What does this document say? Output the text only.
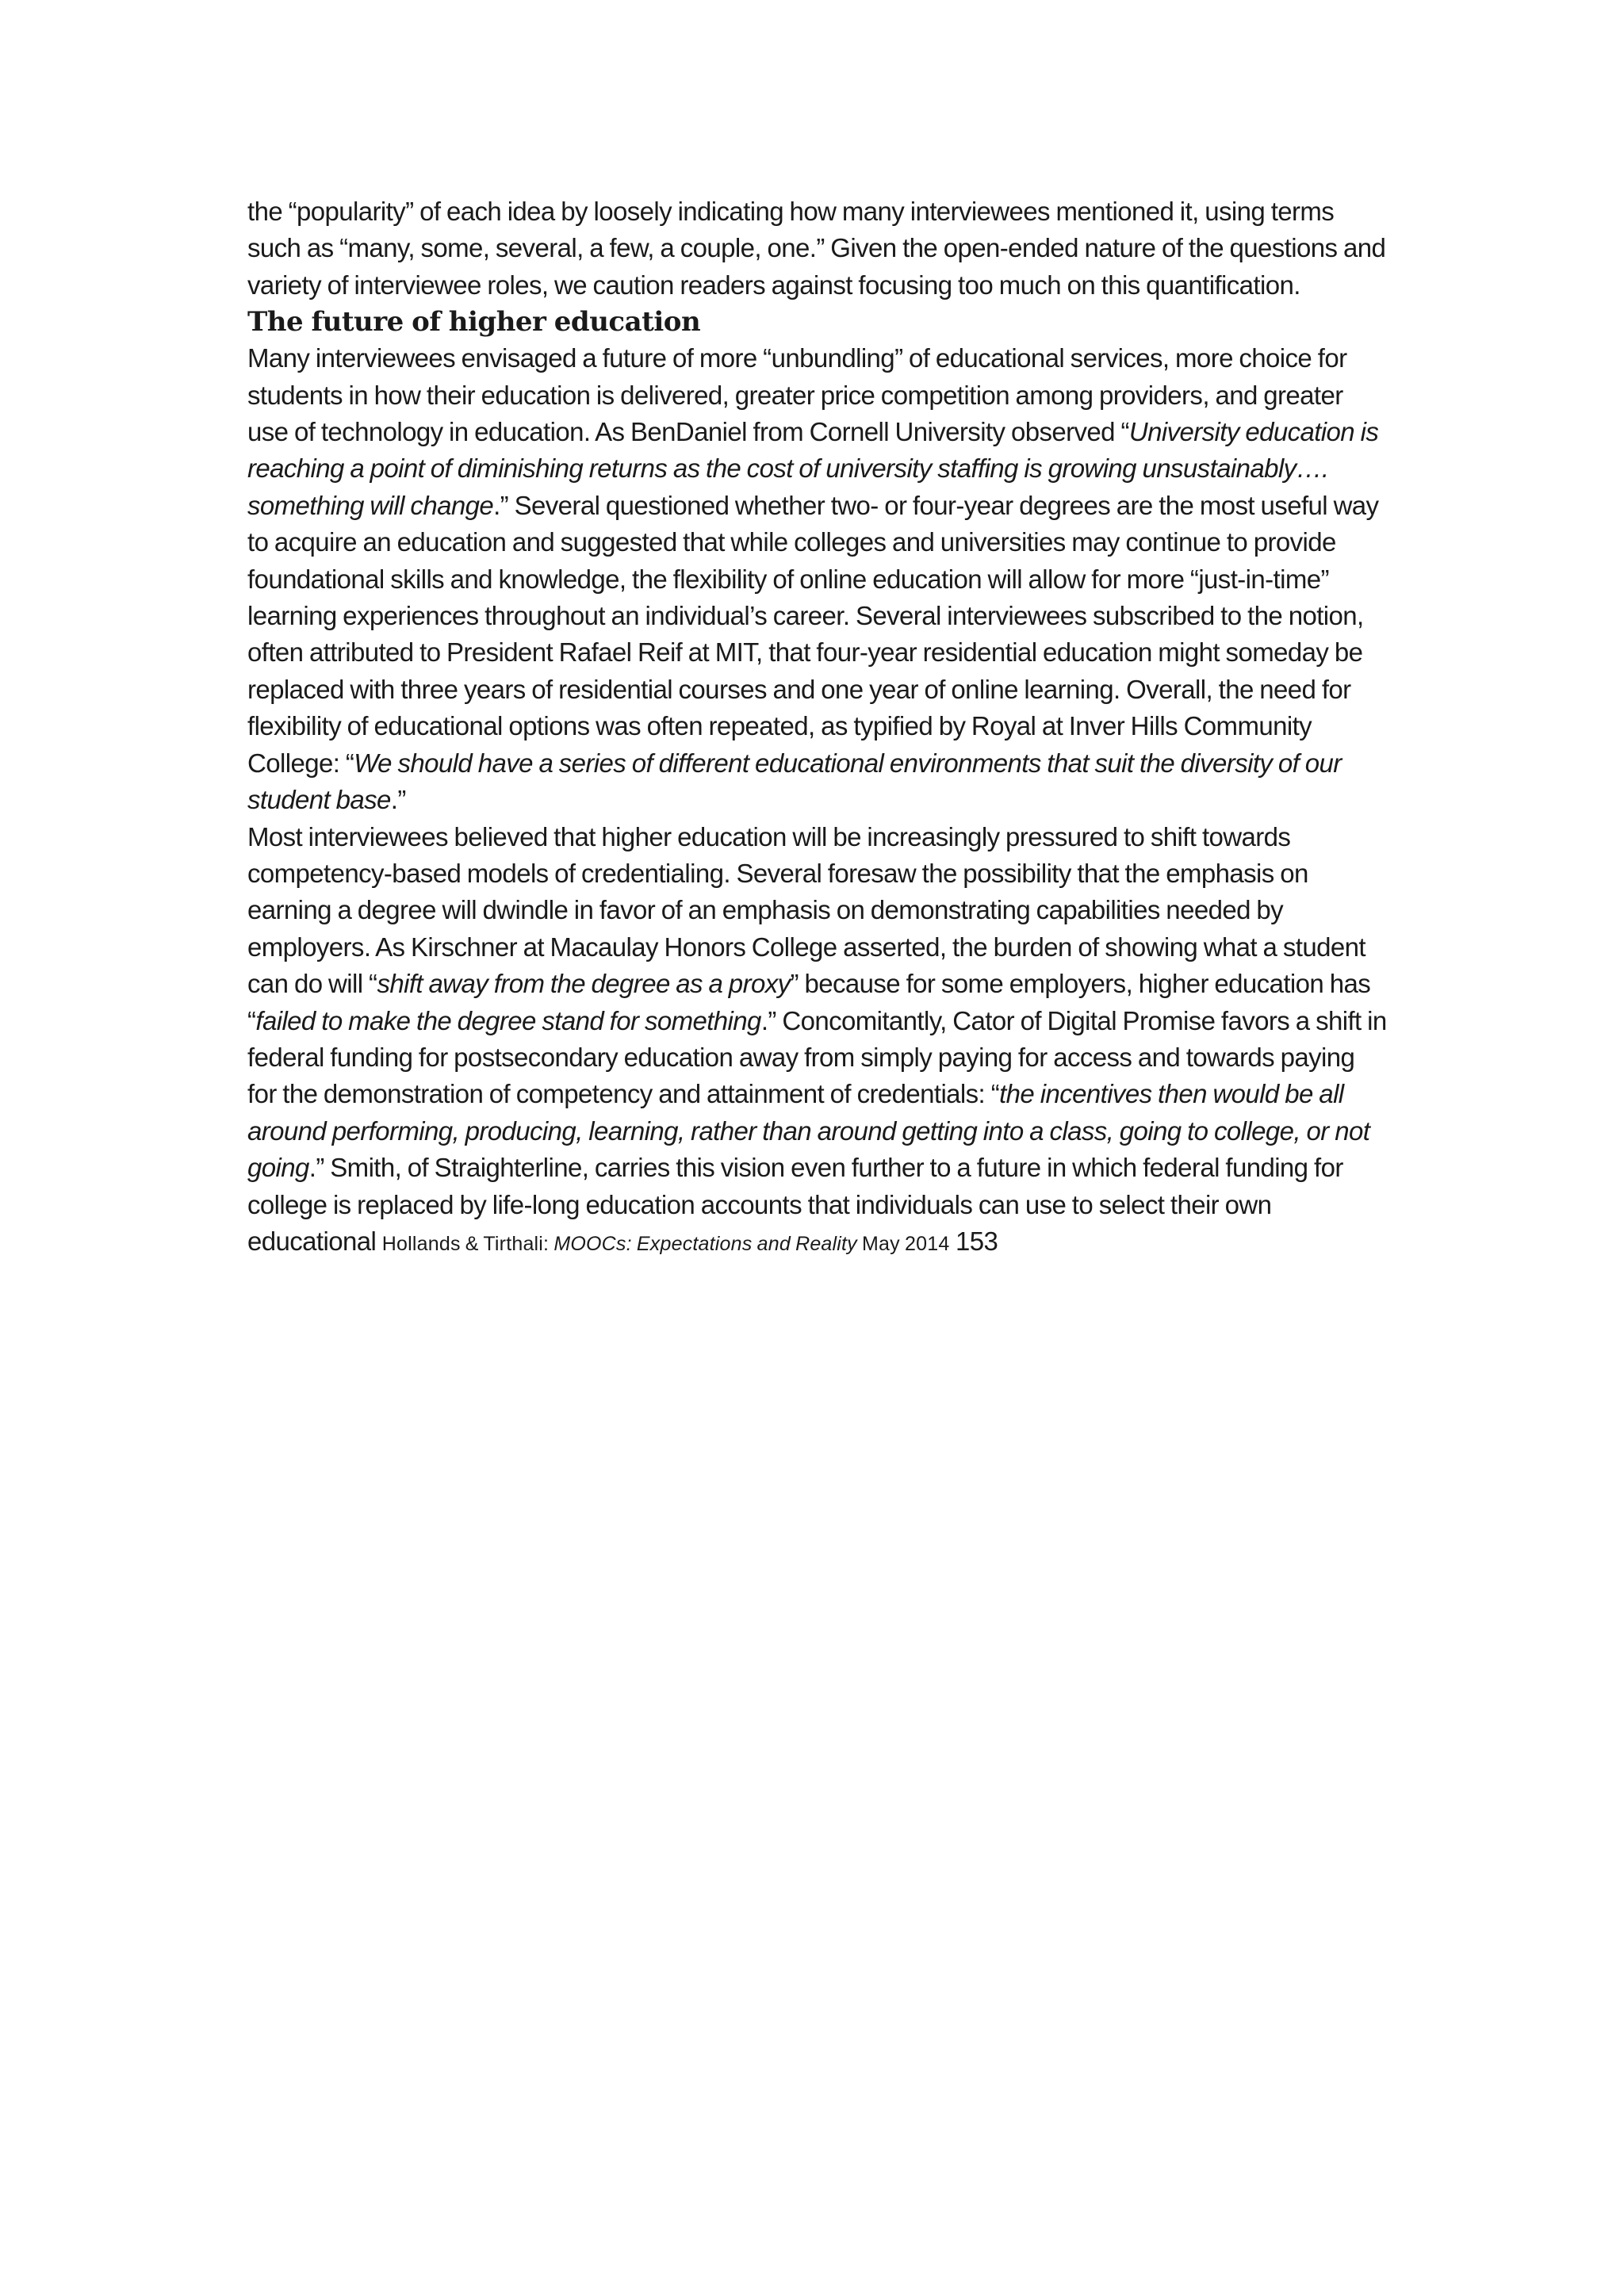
the “popularity” of each idea by loosely indicating how many interviewees mentioned it, using terms such as “many, some, several, a few, a couple, one.” Given the open-ended nature of the questions and variety of interviewee roles, we caution readers against focusing too much on this quantification.

The future of higher education

Many interviewees envisaged a future of more “unbundling” of educational services, more choice for students in how their education is delivered, greater price competition among providers, and greater use of technology in education. As BenDaniel from Cornell University observed “University education is reaching a point of diminishing returns as the cost of university staffing is growing unsustainably…. something will change.” Several questioned whether two- or four-year degrees are the most useful way to acquire an education and suggested that while colleges and universities may continue to provide foundational skills and knowledge, the flexibility of online education will allow for more “just-in-time” learning experiences throughout an individual’s career. Several interviewees subscribed to the notion, often attributed to President Rafael Reif at MIT, that four-year residential education might someday be replaced with three years of residential courses and one year of online learning. Overall, the need for flexibility of educational options was often repeated, as typified by Royal at Inver Hills Community College: “We should have a series of different educational environments that suit the diversity of our student base.”

Most interviewees believed that higher education will be increasingly pressured to shift towards competency-based models of credentialing. Several foresaw the possibility that the emphasis on earning a degree will dwindle in favor of an emphasis on demonstrating capabilities needed by employers. As Kirschner at Macaulay Honors College asserted, the burden of showing what a student can do will “shift away from the degree as a proxy” because for some employers, higher education has “failed to make the degree stand for something.” Concomitantly, Cator of Digital Promise favors a shift in federal funding for postsecondary education away from simply paying for access and towards paying for the demonstration of competency and attainment of credentials: “the incentives then would be all around performing, producing, learning, rather than around getting into a class, going to college, or not going.” Smith, of Straighterline, carries this vision even further to a future in which federal funding for college is replaced by life-long education accounts that individuals can use to select their own educational Hollands & Tirthali: MOOCs: Expectations and Reality May 2014 153
